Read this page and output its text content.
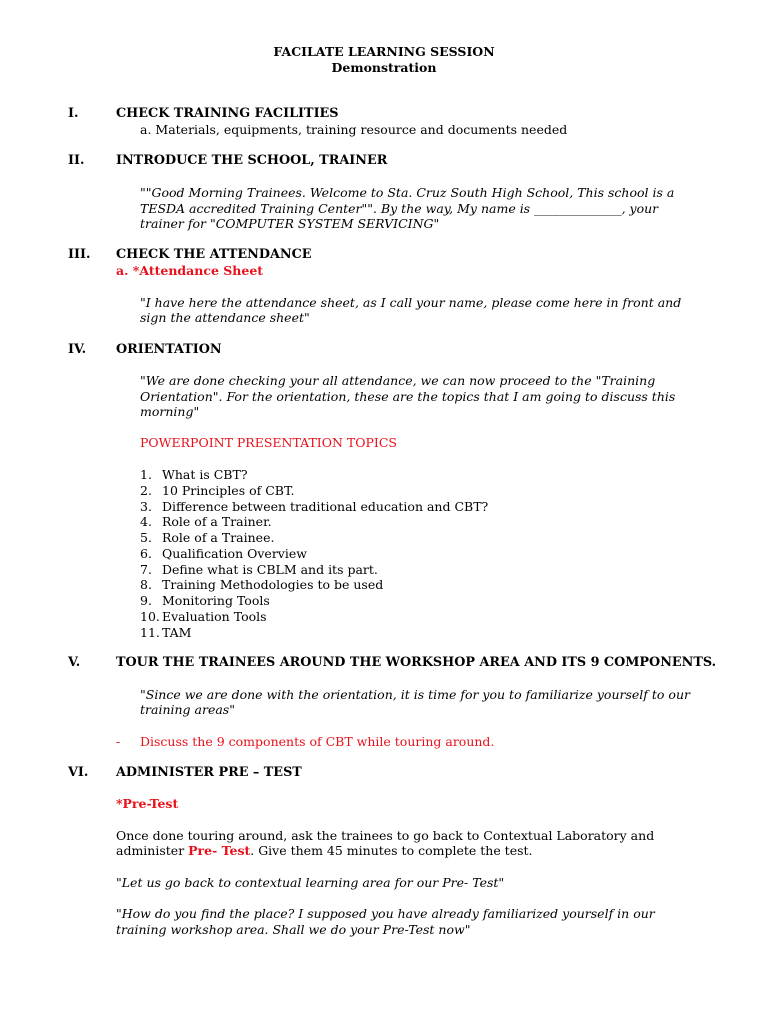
FACILATE LEARNING SESSION
Demonstration
I.	CHECK TRAINING FACILITIES
a. Materials, equipments, training resource and documents needed
II. INTRODUCE THE SCHOOL, TRAINER
""Good Morning Trainees. Welcome to Sta. Cruz South High School, This school is a
TESDA accredited Training Center"". By the way, My name is ______________, your
trainer for "COMPUTER SYSTEM SERVICING"
III. CHECK THE ATTENDANCE
a. *Attendance Sheet
"I have here the attendance sheet, as I call your name, please come here in front and
sign the attendance sheet"
IV. ORIENTATION
"We are done checking your all attendance, we can now proceed to the "Training
Orientation". For the orientation, these are the topics that I am going to discuss this
morning"
POWERPOINT PRESENTATION TOPICS
1. What is CBT?
2. 10 Principles of CBT.
3. Difference between traditional education and CBT?
4. Role of a Trainer.
5. Role of a Trainee.
6. Qualification Overview
7. Define what is CBLM and its part.
8. Training Methodologies to be used
9. Monitoring Tools
10. Evaluation Tools
11. TAM
V.	TOUR THE TRAINEES AROUND THE WORKSHOP AREA AND ITS 9 COMPONENTS.
"Since we are done with the orientation, it is time for you to familiarize yourself to our
training areas"
- Discuss the 9 components of CBT while touring around.
VI. ADMINISTER PRE – TEST
*Pre-Test
Once done touring around, ask the trainees to go back to Contextual Laboratory and
administer Pre- Test. Give them 45 minutes to complete the test.
"Let us go back to contextual learning area for our Pre- Test"
"How do you find the place? I supposed you have already familiarized yourself in our
training workshop area. Shall we do your Pre-Test now"
